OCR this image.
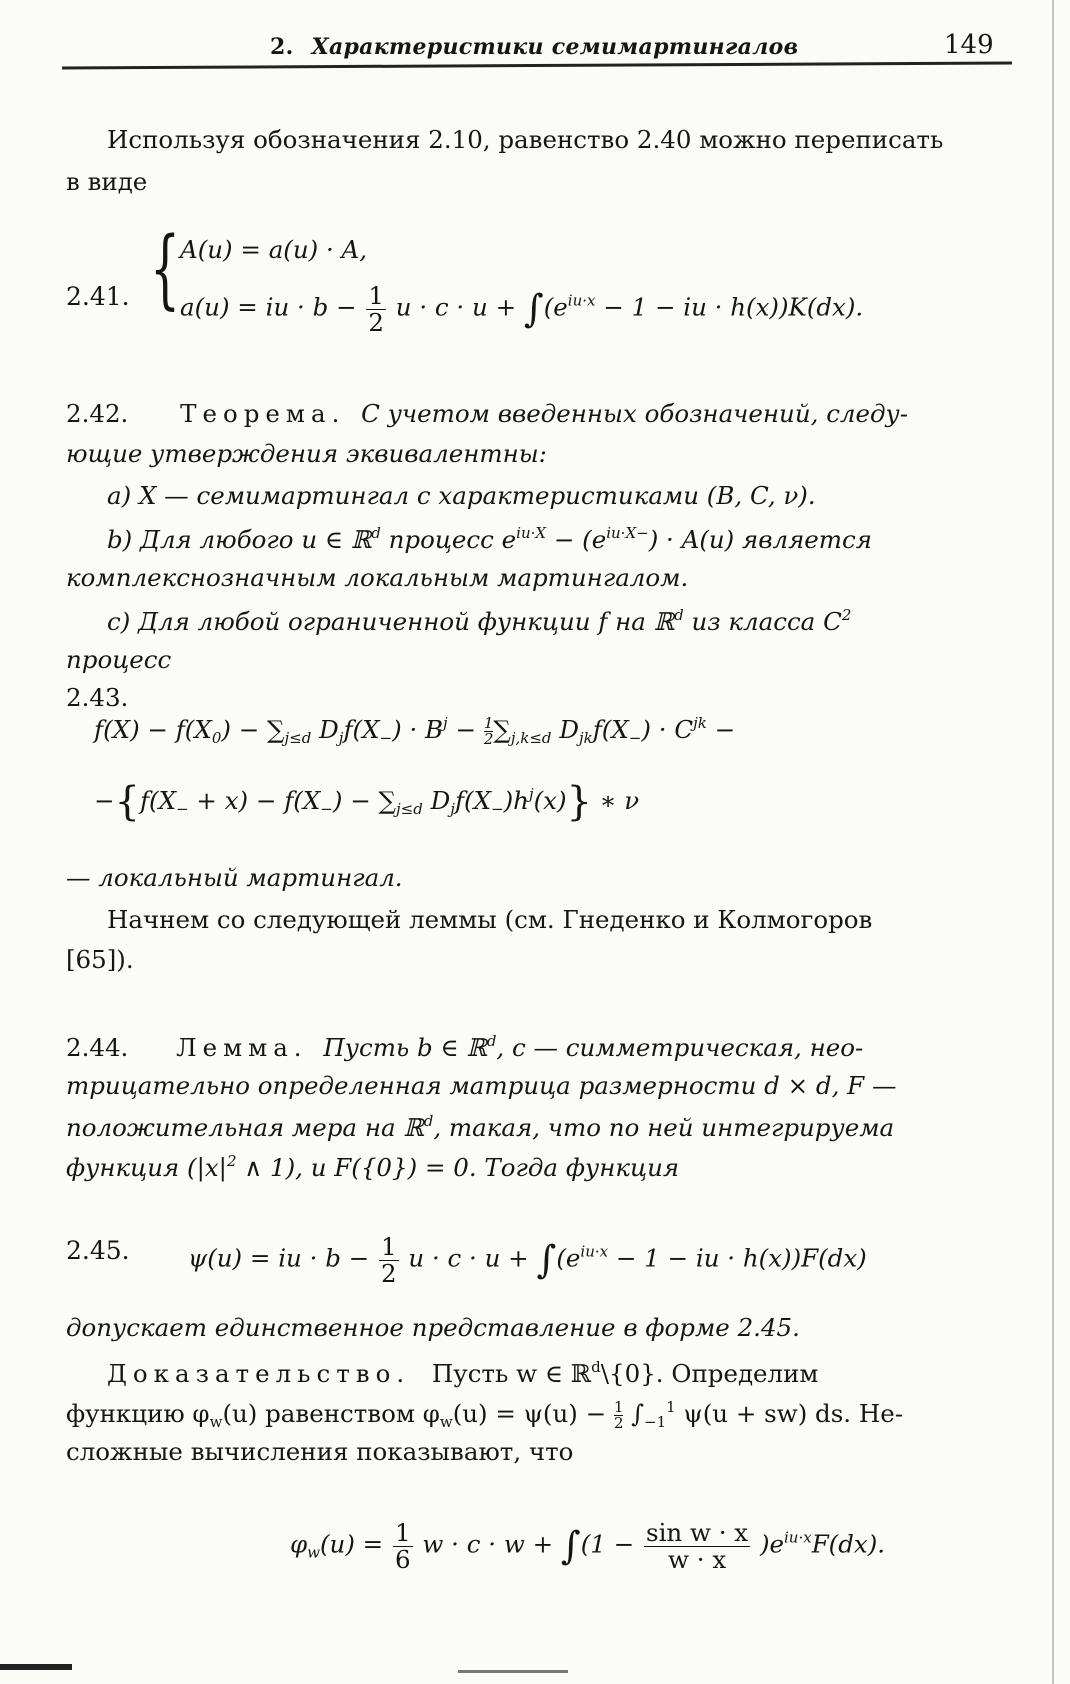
2. Характеристики семимартингалов	149
Используя обозначения 2.10, равенство 2.40 можно переписать
в виде
2.41. { A(u) = a(u) · A,
a(u) = iu · $b - \frac{1}{2}$ $u \cdot c \cdot u + \int(e^{iu\cdot x} - 1$ − iu · h(x))K(dx).
2.42. Теорема. С учетом введенных обозначений, следу-
ющие утверждения эквивалентны:
a) X — семимартингал с характеристиками (B, C, ν).
b) Для любого u ∈ ℝ$^d$ процесс $e^{iu\cdot X} - (e^{iu\cdot X-}) \cdot A(u)$ является
комплекснозначным локальным мартингалом.
c) Для любой ограниченной функции f на ℝ$^d$ из класса $C^2$
процесс
2.43.
$f(X) - f(X_0) - \sum_{j\le d}$ $D_jf(X_-) \cdot B^j - \frac{1}{2} \sum_{j,k\le d}$ $D_{jk}f(X_-) \cdot C^{jk}$ −
$-\{f(X_- + x) - f(X_-) - \sum_{j\le d}$ $D_jf(X_-)h^j(x)$} ∗ ν
— локальный мартингал.
Начнем со следующей леммы (см. Гнеденко и Колмогоров
[65]).
2.44. Лемма. Пусть b ∈ ℝ$^d$, c — симметрическая, нео-
трицательно определенная матрица размерности d × d, F —
положительная мера на ℝ$^d$, такая, что по ней интегрируема
функция ($|x|^2$ ∧ 1), и F({0}) = 0. Тогда функция
2.45. ψ(u) = iu · $b - \frac{1}{2}$ $u \cdot c \cdot u + \int(e^{iu\cdot x} - 1$ − iu · h(x))F(dx)
допускает единственное представление в форме 2.45.
Доказательство. Пусть w ∈ ℝ$^d$\{0}. Определим
функцию $\varphi_w(u)$ равенством $\varphi_w(u) = \psi(u) - \frac{1}{2} \int_{-1}^1$ ψ(u + sw) ds. Не-
сложные вычисления показывают, что
$\varphi_w(u) = \frac{1}{6}$ $w \cdot c \cdot w + \int(1 - \frac{\text{sin w · x}}{w \cdot x} )e^{iu\cdot x}F(dx)$.
